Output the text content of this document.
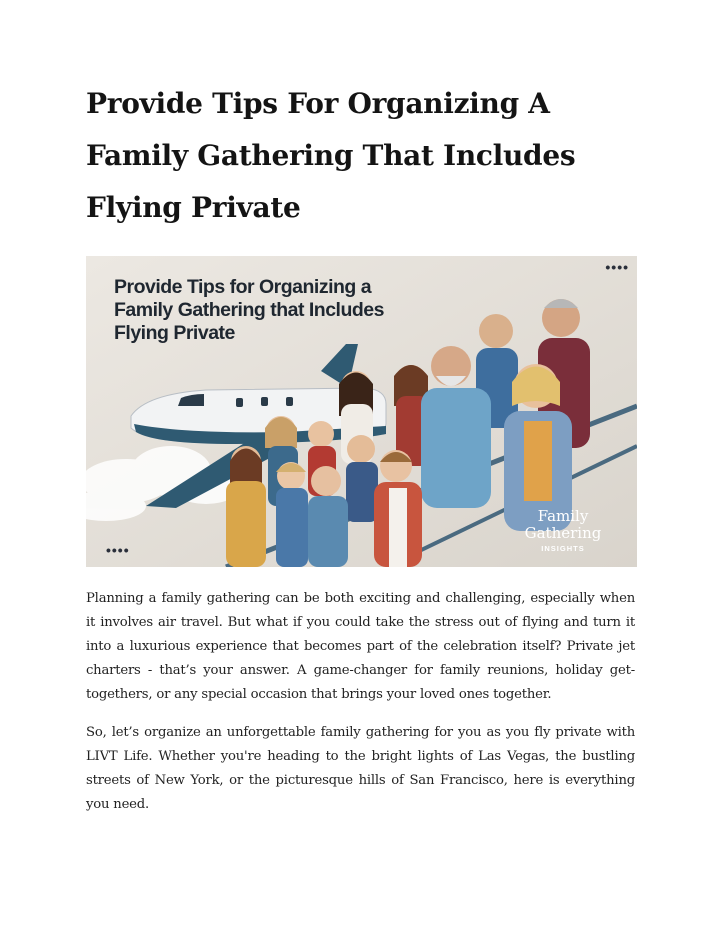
Provide Tips For Organizing A Family Gathering That Includes Flying Private
Provide Tips for Organizing a Family Gathering that Includes Flying Private
••••
••••
Family
Gathering
INSIGHTS

Planning a family gathering can be both exciting and challenging, especially when it involves air travel. But what if you could take the stress out of flying and turn it into a luxurious experience that becomes part of the celebration itself? Private jet charters - that’s your answer. A game-changer for family reunions, holiday get-togethers, or any special occasion that brings your loved ones together.

So, let’s organize an unforgettable family gathering for you as you fly private with LIVT Life. Whether you're heading to the bright lights of Las Vegas, the bustling streets of New York, or the picturesque hills of San Francisco, here is everything you need.
